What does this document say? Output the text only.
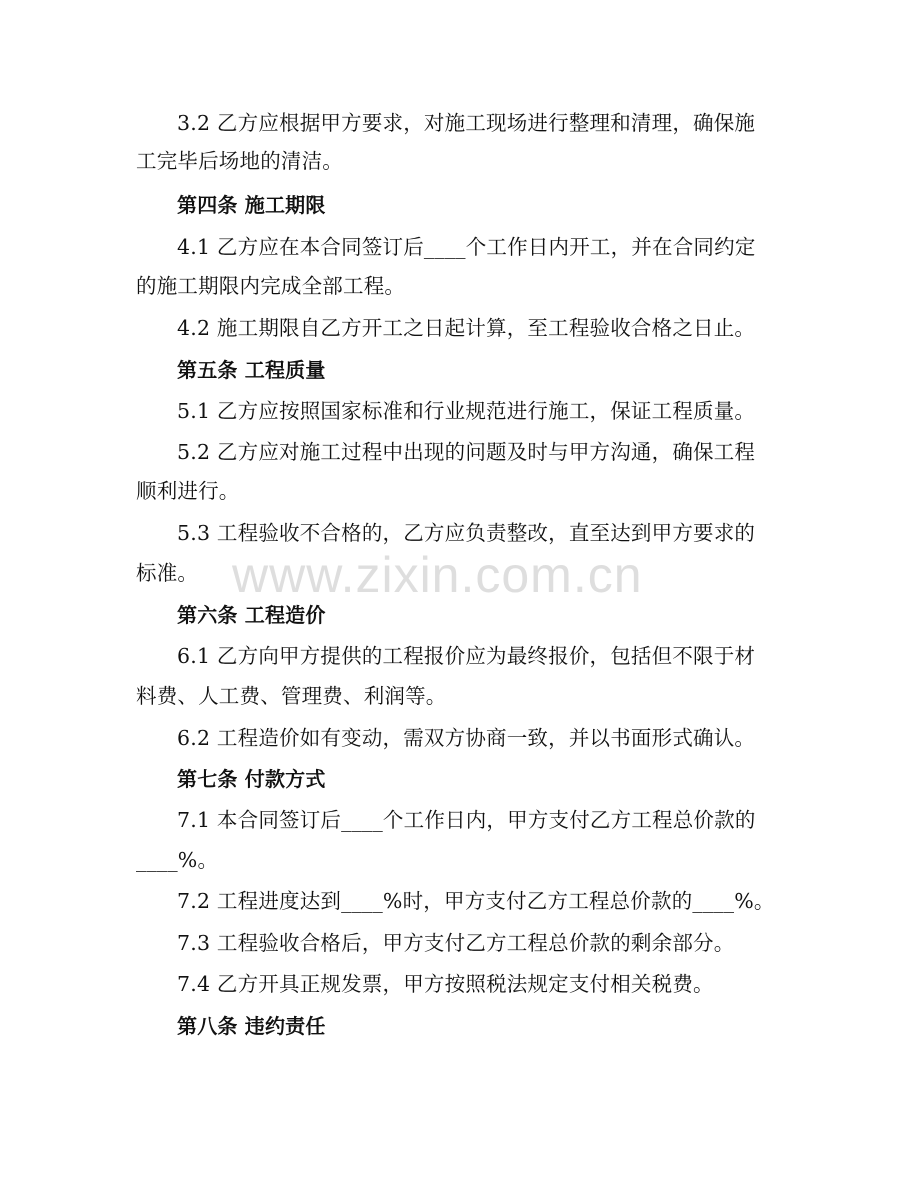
www.zixin.com.cn
3.2 乙方应根据甲方要求，对施工现场进行整理和清理，确保施
工完毕后场地的清洁。
第四条 施工期限
4.1 乙方应在本合同签订后____个工作日内开工，并在合同约定
的施工期限内完成全部工程。
4.2 施工期限自乙方开工之日起计算，至工程验收合格之日止。
第五条 工程质量
5.1 乙方应按照国家标准和行业规范进行施工，保证工程质量。
5.2 乙方应对施工过程中出现的问题及时与甲方沟通，确保工程
顺利进行。
5.3 工程验收不合格的，乙方应负责整改，直至达到甲方要求的
标准。
第六条 工程造价
6.1 乙方向甲方提供的工程报价应为最终报价，包括但不限于材
料费、人工费、管理费、利润等。
6.2 工程造价如有变动，需双方协商一致，并以书面形式确认。
第七条 付款方式
7.1 本合同签订后____个工作日内，甲方支付乙方工程总价款的
____%。
7.2 工程进度达到____%时，甲方支付乙方工程总价款的____%。
7.3 工程验收合格后，甲方支付乙方工程总价款的剩余部分。
7.4 乙方开具正规发票，甲方按照税法规定支付相关税费。
第八条 违约责任
